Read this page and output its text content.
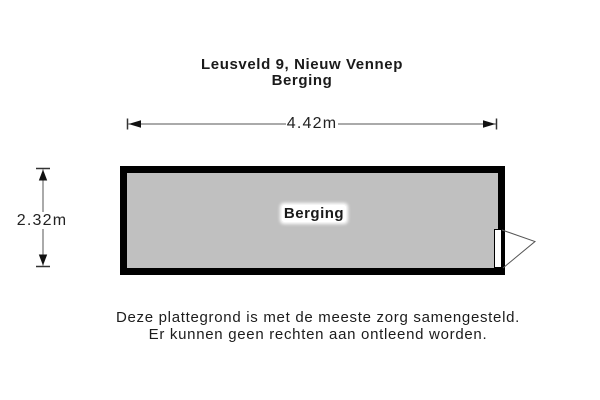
Leusveld 9, Nieuw Vennep
Berging
Berging
4.42m
2.32m
Deze plattegrond is met de meeste zorg samengesteld.
Er kunnen geen rechten aan ontleend worden.
